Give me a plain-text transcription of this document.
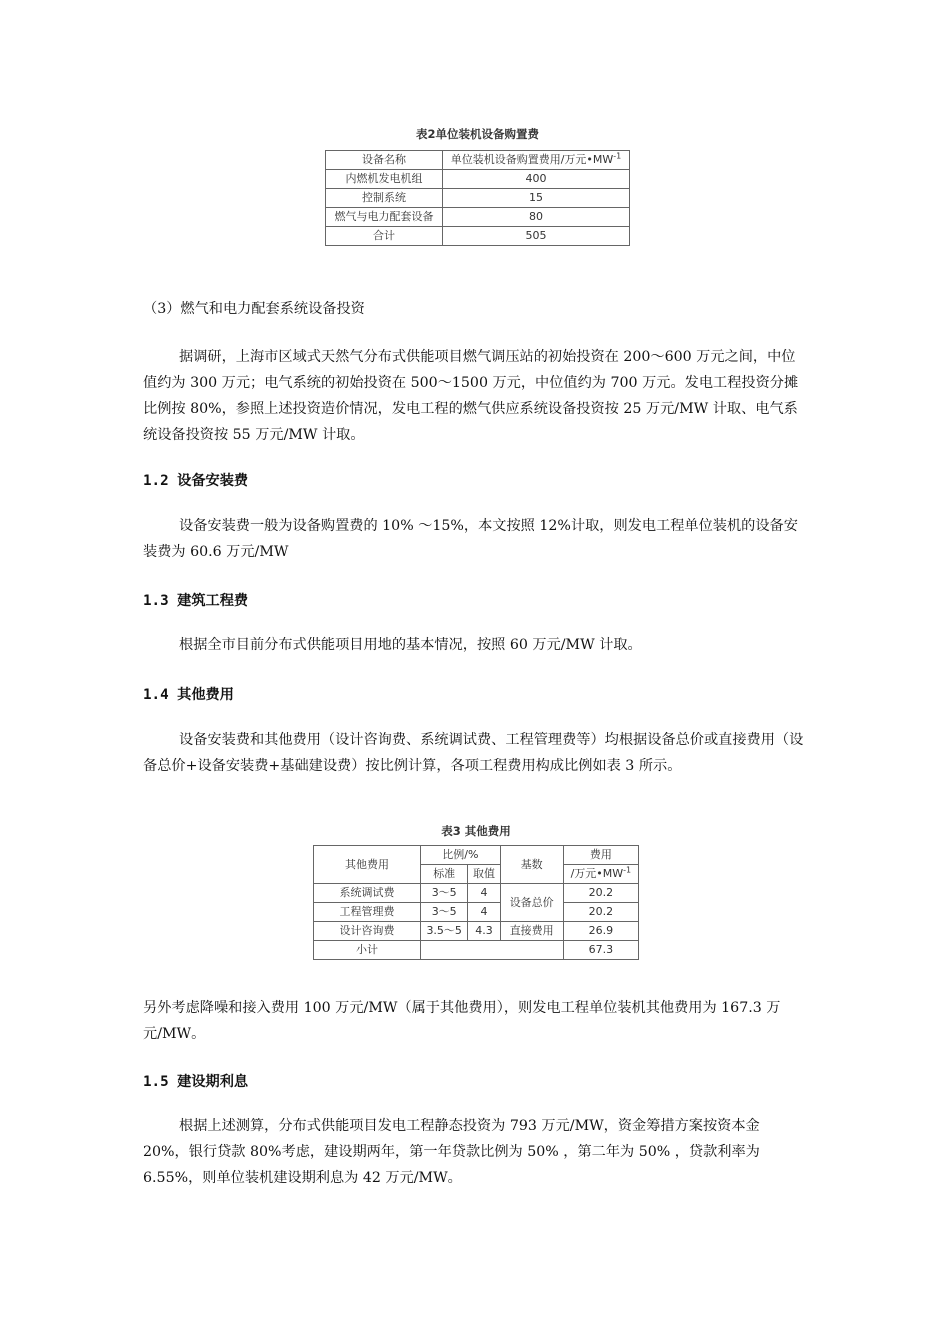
表2单位装机设备购置费
设备名称	单位装机设备购置费用/万元$•MW^{-1}$
内燃机发电机组	400
控制系统	15
燃气与电力配套设备	80
合计	505
（3）燃气和电力配套系统设备投资
据调研，上海市区域式天然气分布式供能项目燃气调压站的初始投资在 200～600 万元之间，中位值约为 300 万元；电气系统的初始投资在 500～1500 万元，中位值约为 700 万元。发电工程投资分摊比例按 80%，参照上述投资造价情况，发电工程的燃气供应系统设备投资按 25 万元/MW 计取、电气系统设备投资按 55 万元/MW 计取。
1.2 设备安装费
设备安装费一般为设备购置费的 10% ～15%，本文按照 12%计取，则发电工程单位装机的设备安装费为 60.6 万元/MW
1.3 建筑工程费
根据全市目前分布式供能项目用地的基本情况，按照 60 万元/MW 计取。
1.4 其他费用
设备安装费和其他费用（设计咨询费、系统调试费、工程管理费等）均根据设备总价或直接费用（设备总价+设备安装费+基础建设费）按比例计算，各项工程费用构成比例如表 3 所示。
表3 其他费用
其他费用	比例/%		基数	费用
	标准	取值		/万元$•MW^{-1}$
系统调试费	3～5	4	设备总价	20.2
工程管理费	3～5	4		20.2
设计咨询费	3.5～5	4.3	直接费用	26.9
小计				67.3
另外考虑降噪和接入费用 100 万元/MW（属于其他费用），则发电工程单位装机其他费用为 167.3 万元/MW。
1.5 建设期利息
根据上述测算，分布式供能项目发电工程静态投资为 793 万元/MW，资金筹措方案按资本金 20%，银行贷款 80%考虑，建设期两年，第一年贷款比例为 50% ，第二年为 50% ，贷款利率为 6.55%，则单位装机建设期利息为 42 万元/MW。
